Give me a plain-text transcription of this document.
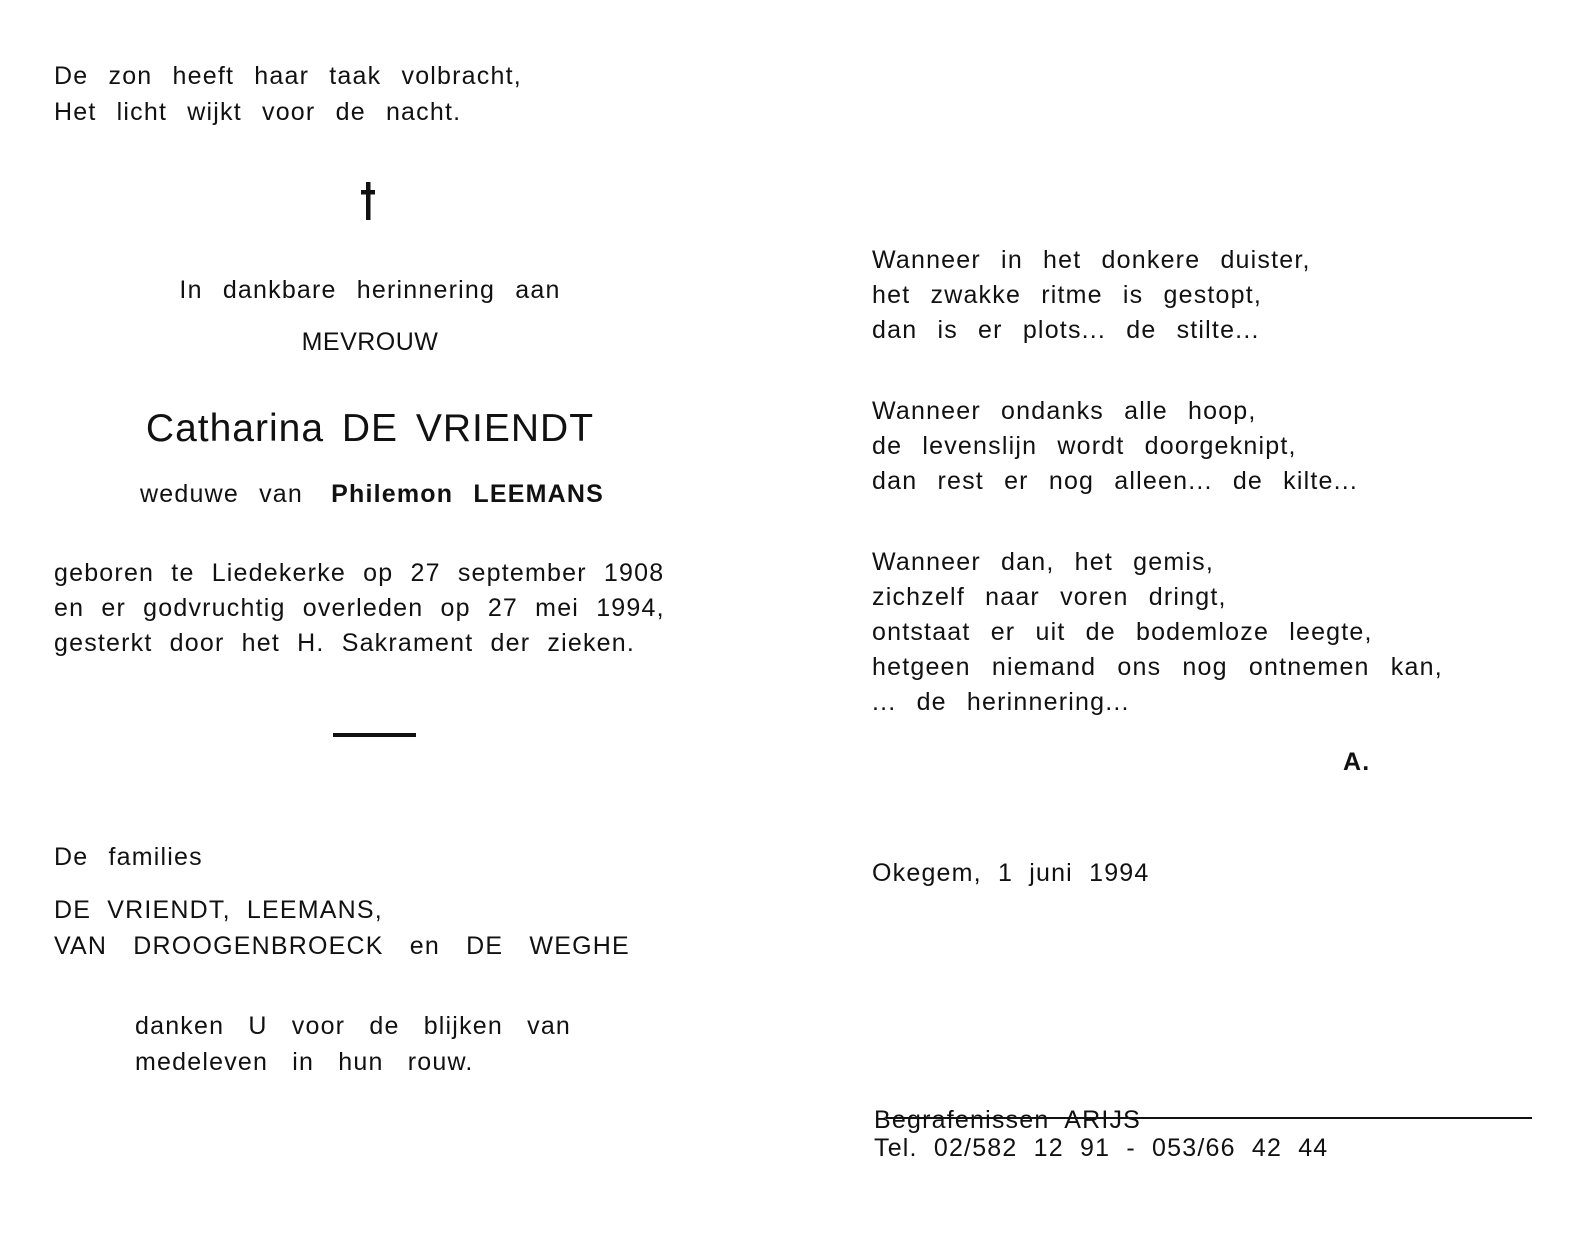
De zon heeft haar taak volbracht,
Het licht wijkt voor de nacht.
In dankbare herinnering aan
MEVROUW
Catharina DE VRIENDT
weduwe van Philemon LEEMANS
geboren te Liedekerke op 27 september 1908
en er godvruchtig overleden op 27 mei 1994,
gesterkt door het H. Sakrament der zieken.
De families
DE VRIENDT, LEEMANS,
VAN DROOGENBROECK en DE WEGHE
danken U voor de blijken van
medeleven in hun rouw.
Wanneer in het donkere duister,
het zwakke ritme is gestopt,
dan is er plots... de stilte...
Wanneer ondanks alle hoop,
de levenslijn wordt doorgeknipt,
dan rest er nog alleen... de kilte...
Wanneer dan, het gemis,
zichzelf naar voren dringt,
ontstaat er uit de bodemloze leegte,
hetgeen niemand ons nog ontnemen kan,
... de herinnering...
A.
Okegem, 1 juni 1994
Begrafenissen ARIJS
Tel. 02/582 12 91 - 053/66 42 44
